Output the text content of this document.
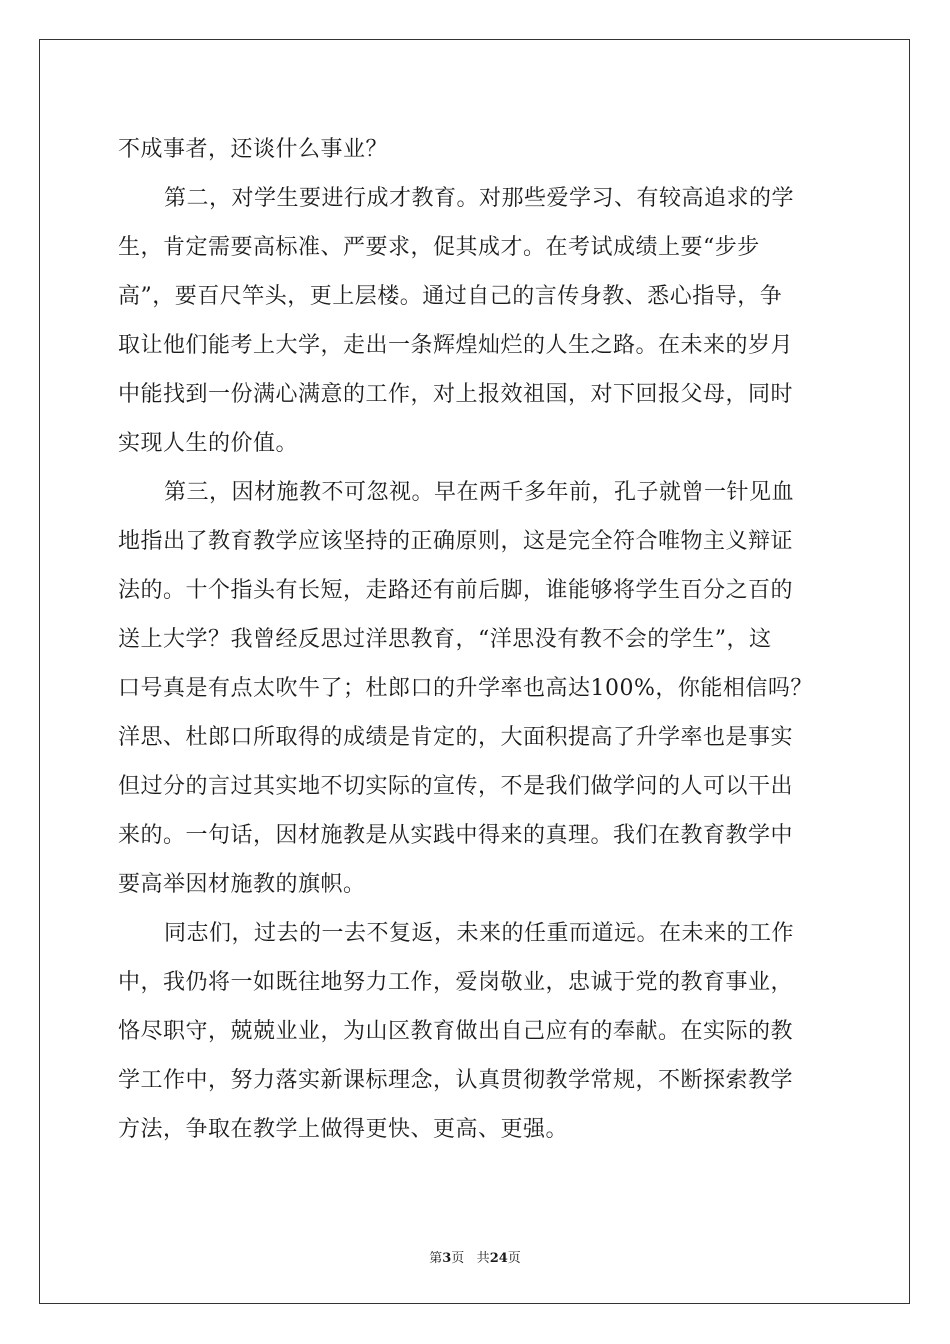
不成事者，还谈什么事业？
第二，对学生要进行成才教育。对那些爱学习、有较高追求的学
生，肯定需要高标准、严要求，促其成才。在考试成绩上要“步步
高”，要百尺竿头，更上层楼。通过自己的言传身教、悉心指导，争
取让他们能考上大学，走出一条辉煌灿烂的人生之路。在未来的岁月
中能找到一份满心满意的工作，对上报效祖国，对下回报父母，同时
实现人生的价值。
第三，因材施教不可忽视。早在两千多年前，孔子就曾一针见血
地指出了教育教学应该坚持的正确原则，这是完全符合唯物主义辩证
法的。十个指头有长短，走路还有前后脚，谁能够将学生百分之百的
送上大学？我曾经反思过洋思教育，“洋思没有教不会的学生”，这
口号真是有点太吹牛了；杜郎口的升学率也高达100%，你能相信吗？
洋思、杜郎口所取得的成绩是肯定的，大面积提高了升学率也是事实
但过分的言过其实地不切实际的宣传，不是我们做学问的人可以干出
来的。一句话，因材施教是从实践中得来的真理。我们在教育教学中
要高举因材施教的旗帜。
同志们，过去的一去不复返，未来的任重而道远。在未来的工作
中，我仍将一如既往地努力工作，爱岗敬业，忠诚于党的教育事业，
恪尽职守，兢兢业业，为山区教育做出自己应有的奉献。在实际的教
学工作中，努力落实新课标理念，认真贯彻教学常规，不断探索教学
方法，争取在教学上做得更快、更高、更强。
第3页 共24页
